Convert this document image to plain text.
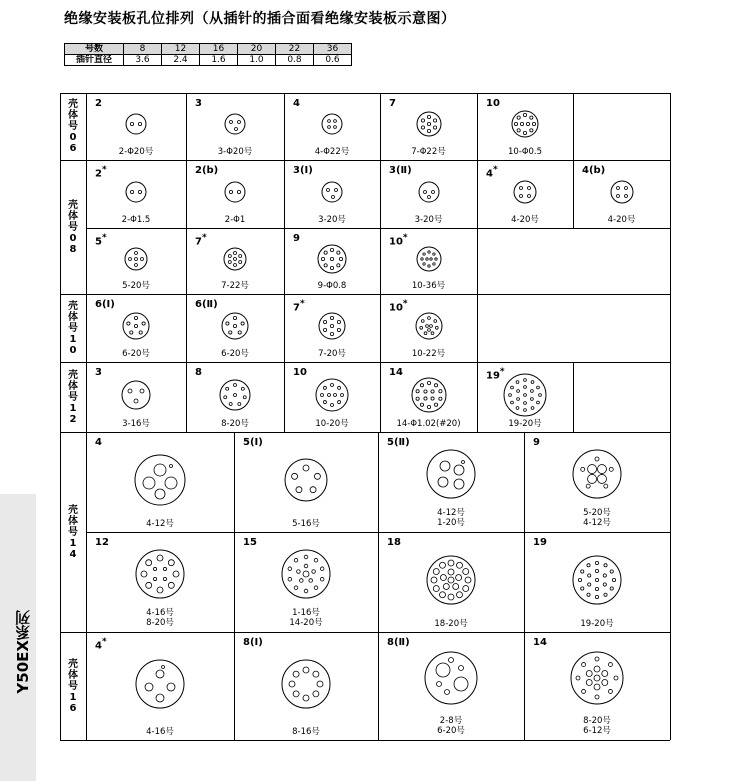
绝缘安装板孔位排列（从插针的插合面看绝缘安装板示意图）
号数	8	12	16	20	22	36
插针直径	3.6	2.4	1.6	1.0	0.8	0.6
Y50EX系列
壳
体
号
0
6
壳
体
号
0
8
壳
体
号
1
0
壳
体
号
1
2
壳
体
号
1
4
壳
体
号
1
6
2
2-Φ20号
3
3-Φ20号
4
4-Φ22号
7
7-Φ22号
10
10-Φ0.5
2*
2-Φ1.5
2(b)
2-Φ1
3(Ⅰ)
3-20号
3(Ⅱ)
3-20号
4*
4-20号
4(b)
4-20号
5*
5-20号
7*
7-22号
9
9-Φ0.8
10*
10-36号
6(Ⅰ)
6-20号
6(Ⅱ)
6-20号
7*
7-20号
10*
10-22号
3
3-16号
8
8-20号
10
10-20号
14
14-Φ1.02(#20)
19*
19-20号
4
4-12号
5(Ⅰ)
5-16号
5(Ⅱ)
4-12号
1-20号
9
5-20号
4-12号
12
4-16号
8-20号
15
1-16号
14-20号
18
18-20号
19
19-20号
4*
4-16号
8(Ⅰ)
8-16号
8(Ⅱ)
2-8号
6-20号
14
8-20号
6-12号
